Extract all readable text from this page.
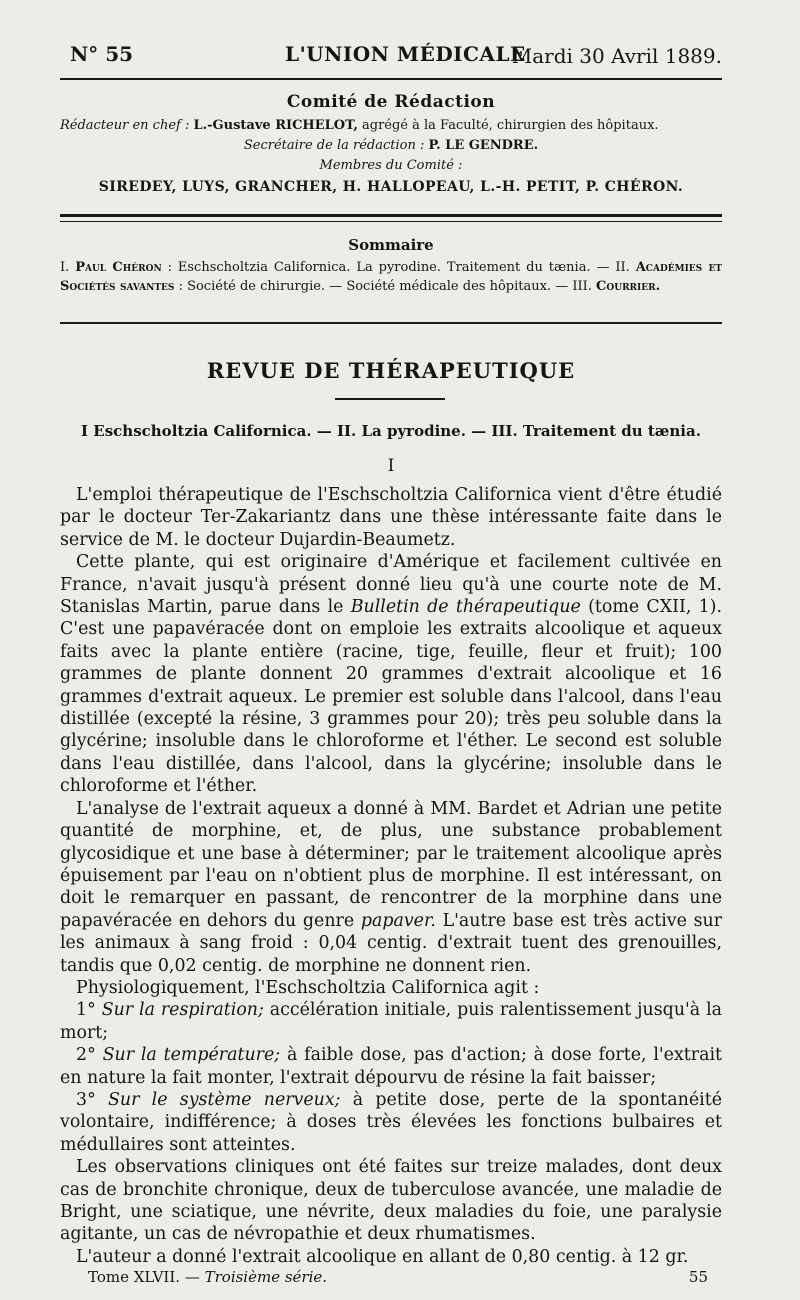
N° 55	L'UNION MÉDICALE
Mardi 30 Avril 1889.
Comité de Rédaction
Rédacteur en chef : L.-Gustave RICHELOT, agrégé à la Faculté, chirurgien des hôpitaux.
Secrétaire de la rédaction : P. LE GENDRE.
Membres du Comité :
SIREDEY, LUYS, GRANCHER, H. HALLOPEAU, L.-H. PETIT, P. CHÉRON.
Sommaire
I. Paul Chéron : Eschscholtzia Californica. La pyrodine. Traitement du tænia. — II. Académies et Sociétés savantes : Société de chirurgie. — Société médicale des hôpitaux. — III. Courrier.
REVUE DE THÉRAPEUTIQUE
I Eschscholtzia Californica. — II. La pyrodine. — III. Traitement du tænia.
I

L'emploi thérapeutique de l'Eschscholtzia Californica vient d'être étudié par le docteur Ter-Zakariantz dans une thèse intéressante faite dans le service de M. le docteur Dujardin-Beaumetz.

Cette plante, qui est originaire d'Amérique et facilement cultivée en France, n'avait jusqu'à présent donné lieu qu'à une courte note de M. Stanislas Martin, parue dans le Bulletin de thérapeutique (tome CXII, 1). C'est une papavéracée dont on emploie les extraits alcoolique et aqueux faits avec la plante entière (racine, tige, feuille, fleur et fruit); 100 grammes de plante donnent 20 grammes d'extrait alcoolique et 16 grammes d'extrait aqueux. Le premier est soluble dans l'alcool, dans l'eau distillée (excepté la résine, 3 grammes pour 20); très peu soluble dans la glycérine; insoluble dans le chloroforme et l'éther. Le second est soluble dans l'eau distillée, dans l'alcool, dans la glycérine; insoluble dans le chloroforme et l'éther.

L'analyse de l'extrait aqueux a donné à MM. Bardet et Adrian une petite quantité de morphine, et, de plus, une substance probablement glycosidique et une base à déterminer; par le traitement alcoolique après épuisement par l'eau on n'obtient plus de morphine. Il est intéressant, on doit le remarquer en passant, de rencontrer de la morphine dans une papavéracée en dehors du genre papaver. L'autre base est très active sur les animaux à sang froid : 0,04 centig. d'extrait tuent des grenouilles, tandis que 0,02 centig. de morphine ne donnent rien.

Physiologiquement, l'Eschscholtzia Californica agit :

1° Sur la respiration; accélération initiale, puis ralentissement jusqu'à la mort;

2° Sur la température; à faible dose, pas d'action; à dose forte, l'extrait en nature la fait monter, l'extrait dépourvu de résine la fait baisser;

3° Sur le système nerveux; à petite dose, perte de la spontanéité volontaire, indifférence; à doses très élevées les fonctions bulbaires et médullaires sont atteintes.

Les observations cliniques ont été faites sur treize malades, dont deux cas de bronchite chronique, deux de tuberculose avancée, une maladie de Bright, une sciatique, une névrite, deux maladies du foie, une paralysie agitante, un cas de névropathie et deux rhumatismes.

L'auteur a donné l'extrait alcoolique en allant de 0,80 centig. à 12 gr.

Tome XLVII. — Troisième série.	55
